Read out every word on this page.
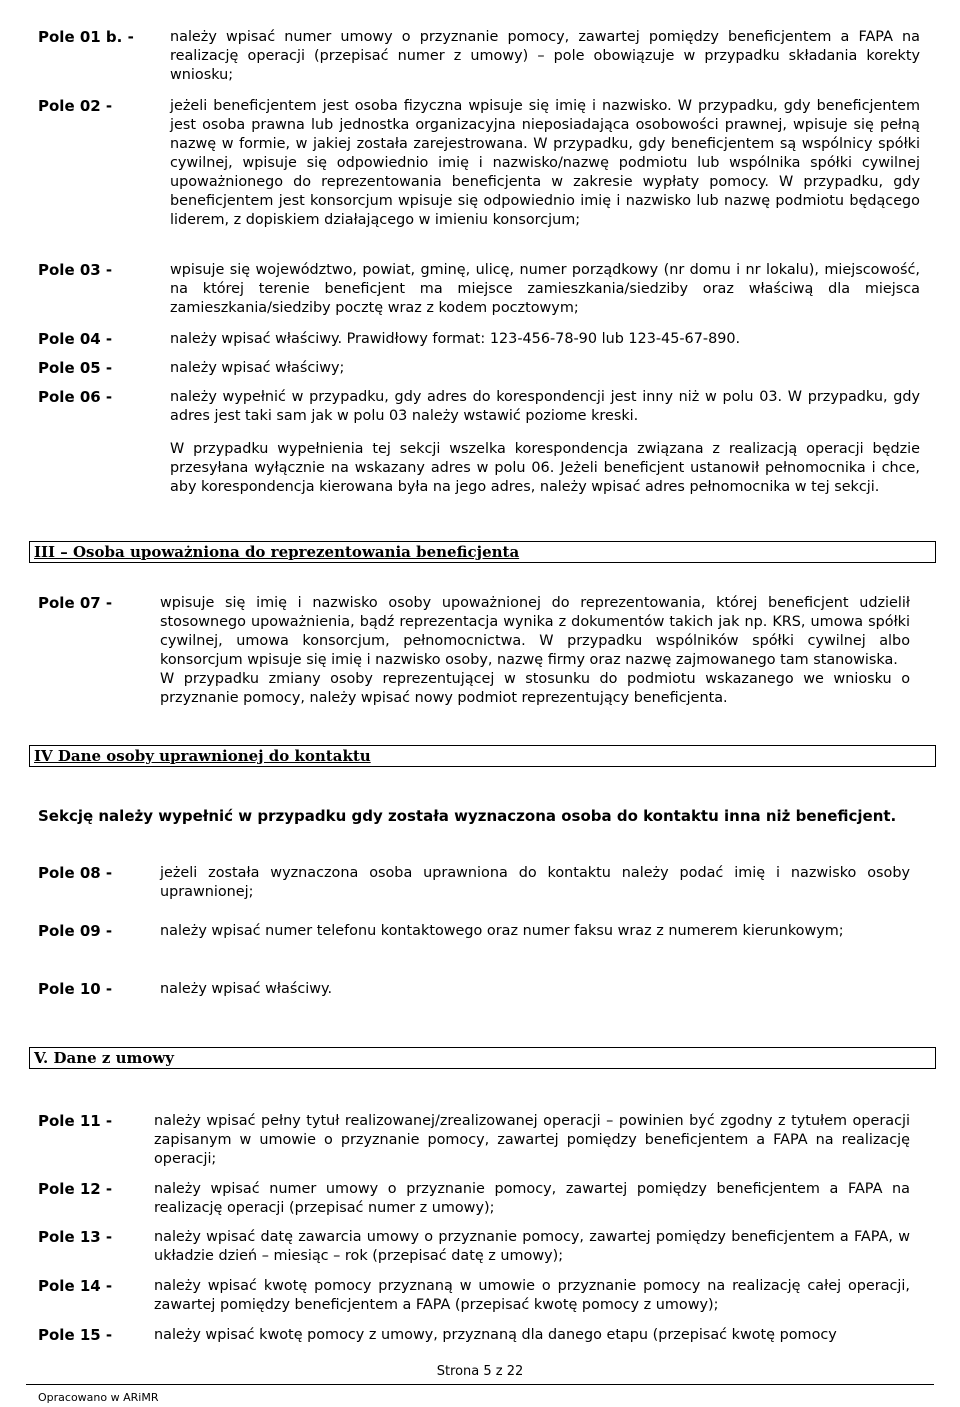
Pole 01 b. -	należy wpisać numer umowy o przyznanie pomocy, zawartej pomiędzy beneficjentem a FAPA na realizację operacji (przepisać numer z umowy) – pole obowiązuje w przypadku składania korekty wniosku;

Pole 02 -	jeżeli beneficjentem jest osoba fizyczna wpisuje się imię i nazwisko. W przypadku, gdy beneficjentem jest osoba prawna lub jednostka organizacyjna nieposiadająca osobowości prawnej, wpisuje się pełną nazwę w formie, w jakiej została zarejestrowana. W przypadku, gdy beneficjentem są wspólnicy spółki cywilnej, wpisuje się odpowiednio imię i nazwisko/nazwę podmiotu lub wspólnika spółki cywilnej upoważnionego do reprezentowania beneficjenta w zakresie wypłaty pomocy. W przypadku, gdy beneficjentem jest konsorcjum wpisuje się odpowiednio imię i nazwisko lub nazwę podmiotu będącego liderem, z dopiskiem działającego w imieniu konsorcjum;

Pole 03 -	wpisuje się województwo, powiat, gminę, ulicę, numer porządkowy (nr domu i nr lokalu), miejscowość, na której terenie beneficjent ma miejsce zamieszkania/siedziby oraz właściwą dla miejsca zamieszkania/siedziby pocztę wraz z kodem pocztowym;

Pole 04 -	należy wpisać właściwy. Prawidłowy format: 123-456-78-90 lub 123-45-67-890.

Pole 05 -	należy wpisać właściwy;

Pole 06 -	należy wypełnić w przypadku, gdy adres do korespondencji jest inny niż w polu 03. W przypadku, gdy adres jest taki sam jak w polu 03 należy wstawić poziome kreski.

W przypadku wypełnienia tej sekcji wszelka korespondencja związana z realizacją operacji będzie przesyłana wyłącznie na wskazany adres w polu 06. Jeżeli beneficjent ustanowił pełnomocnika i chce, aby korespondencja kierowana była na jego adres, należy wpisać adres pełnomocnika w tej sekcji.

III – Osoba upoważniona do reprezentowania beneficjenta
Pole 07 -	wpisuje się imię i nazwisko osoby upoważnionej do reprezentowania, której beneficjent udzielił stosownego upoważnienia, bądź reprezentacja wynika z dokumentów takich jak np. KRS, umowa spółki cywilnej, umowa konsorcjum, pełnomocnictwa. W przypadku wspólników spółki cywilnej albo konsorcjum wpisuje się imię i nazwisko osoby, nazwę firmy oraz nazwę zajmowanego tam stanowiska.

W przypadku zmiany osoby reprezentującej w stosunku do podmiotu wskazanego we wniosku o przyznanie pomocy, należy wpisać nowy podmiot reprezentujący beneficjenta.

IV Dane osoby uprawnionej do kontaktu
Sekcję należy wypełnić w przypadku gdy została wyznaczona osoba do kontaktu inna niż beneficjent.
Pole 08 -	jeżeli została wyznaczona osoba uprawniona do kontaktu należy podać imię i nazwisko osoby uprawnionej;

Pole 09 -	należy wpisać numer telefonu kontaktowego oraz numer faksu wraz z numerem kierunkowym;

Pole 10 -	należy wpisać właściwy.

V. Dane z umowy
Pole 11 -	należy wpisać pełny tytuł realizowanej/zrealizowanej operacji – powinien być zgodny z tytułem operacji zapisanym w umowie o przyznanie pomocy, zawartej pomiędzy beneficjentem a FAPA na realizację operacji;

Pole 12 -	należy wpisać numer umowy o przyznanie pomocy, zawartej pomiędzy beneficjentem a FAPA na realizację operacji (przepisać numer z umowy);

Pole 13 -	należy wpisać datę zawarcia umowy o przyznanie pomocy, zawartej pomiędzy beneficjentem a FAPA, w układzie dzień – miesiąc – rok (przepisać datę z umowy);

Pole 14 -	należy wpisać kwotę pomocy przyznaną w umowie o przyznanie pomocy na realizację całej operacji, zawartej pomiędzy beneficjentem a FAPA (przepisać kwotę pomocy z umowy);

Pole 15 -	należy wpisać kwotę pomocy z umowy, przyznaną dla danego etapu (przepisać kwotę pomocy

Strona 5 z 22
Opracowano w ARiMR
